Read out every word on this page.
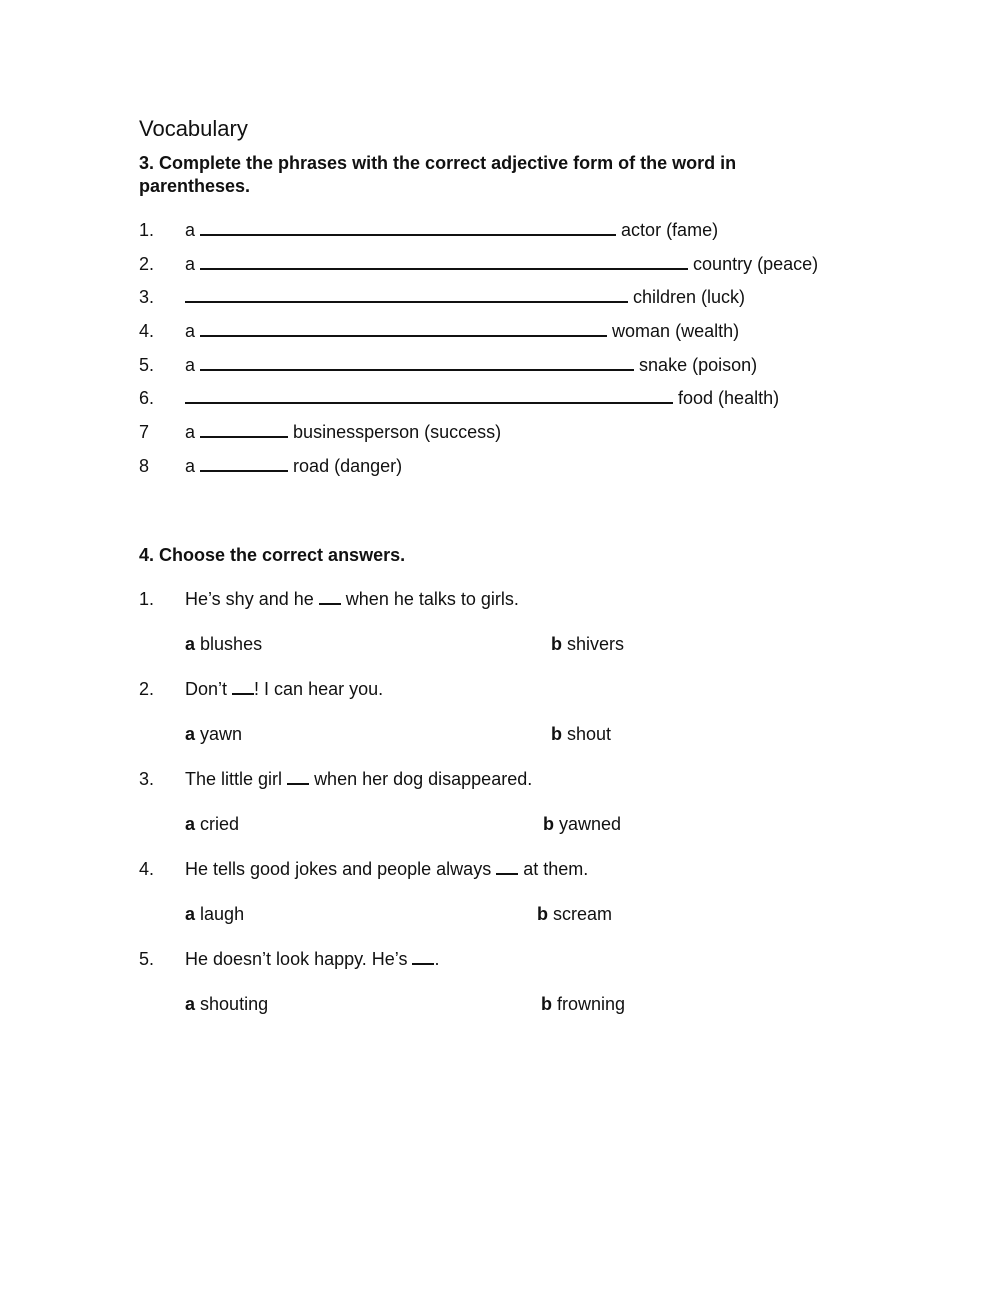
Vocabulary
3. Complete the phrases with the correct adjective form of the word in parentheses.
1. a	actor (fame)
2. a	country (peace)
3.	children (luck)
4. a	woman (wealth)
5. a	snake (poison)
6.	food (health)
7 a	businessperson (success)
8 a	road (danger)
4. Choose the correct answers.
1. He’s shy and he when he talks to girls.
a blushes	b shivers
2. Don’t ! I can hear you.
a yawn	b shout
3. The little girl when her dog disappeared.
a cried	b yawned
4. He tells good jokes and people always at them.
a laugh	b scream
5. He doesn’t look happy. He’s .
a shouting	b frowning
